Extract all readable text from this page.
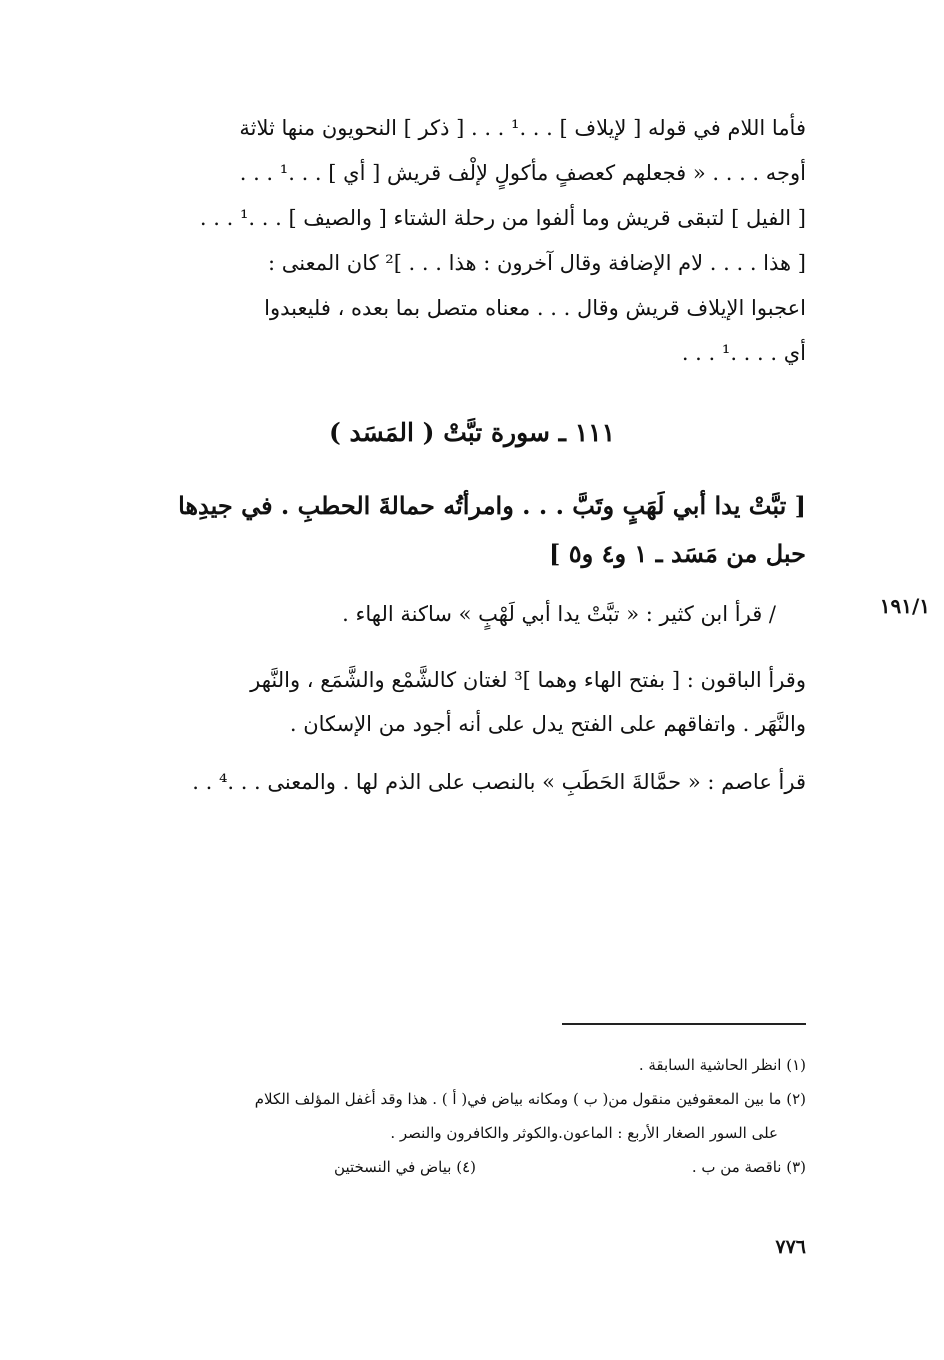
فأما اللام في قوله [ لإيلاف ] . . .¹ . . . [ ذكر ] النحويون منها ثلاثة
أوجه . . . . « فجعلهم كعصفٍ مأكولٍ لإلْف قريش [ أي ] . . .¹ . . .
[ الفيل ] لتبقى قريش وما ألفوا من رحلة الشتاء [ والصيف ] . . .¹ . . .
[ هذا . . . . لام الإضافة وقال آخرون : هذا . . . ]² كان المعنى :
اعجبوا الإيلاف قريش وقال . . . معناه متصل بما بعده ، فليعبدوا
أي . . . .¹ . . .
١١١ ـ سورة تبَّتْ ( المَسَد )
[ تبَّتْ يدا أبي لَهَبٍ وتَبَّ . . . وامرأتُه حمالةَ الحطبِ . في جيدِها
حبل من مَسَد ـ ١ و٤ و٥ ]
١٩١/١
/ قرأ ابن كثير : « تبَّتْ يدا أبي لَهْبٍ » ساكنة الهاء .
وقرأ الباقون : [ بفتح الهاء وهما ]³ لغتان كالشَّمْع والشَّمَع ، والنَّهر
والنَّهَر . واتفاقهم على الفتح يدل على أنه أجود من الإسكان .
قرأ عاصم : « حمَّالةَ الحَطَبِ » بالنصب على الذم لها . والمعنى . . .⁴ . .
(١) انظر الحاشية السابقة .
(٢) ما بين المعقوفين منقول من( ب ) ومكانه بياض في( أ ) . هذا وقد أغفل المؤلف الكلام
على السور الصغار الأربع : الماعون.والكوثر والكافرون والنصر .
(٣) ناقصة من ب .
(٤) بياض في النسختين
٧٧٦
